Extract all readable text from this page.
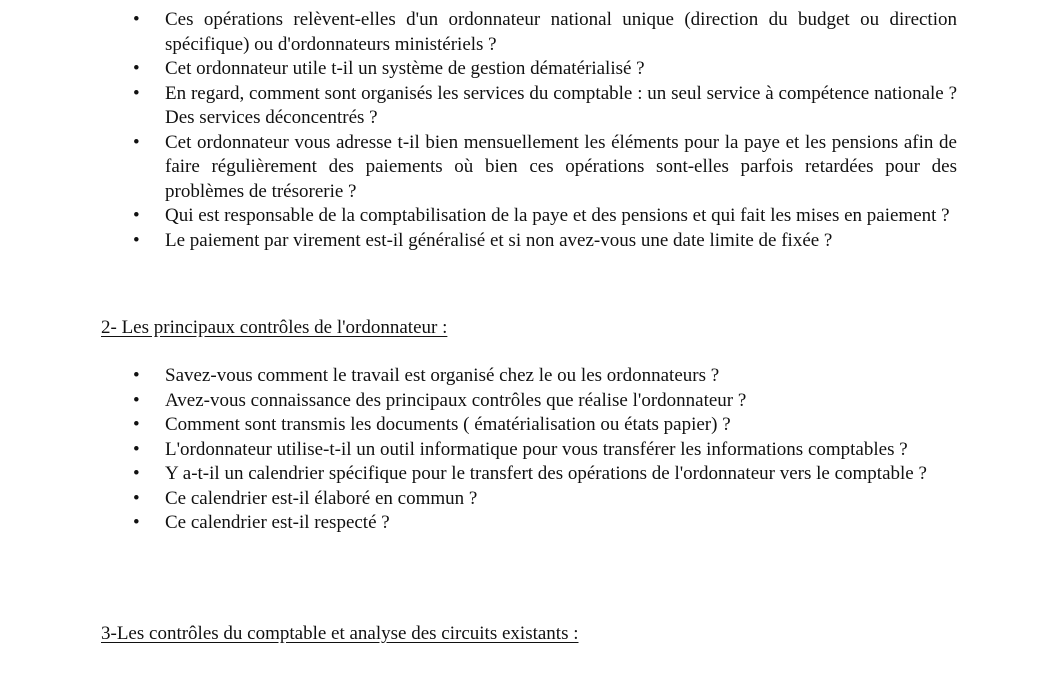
• Ces opérations relèvent-elles d'un ordonnateur national unique (direction du budget ou direction spécifique) ou d'ordonnateurs ministériels ?
• Cet ordonnateur utile t-il un système de gestion dématérialisé ?
• En regard, comment sont organisés les services du comptable : un seul service à compétence nationale ? Des services déconcentrés ?
• Cet ordonnateur vous adresse t-il bien mensuellement les éléments pour la paye et les pensions afin de faire régulièrement des paiements où bien ces opérations sont-elles parfois retardées pour des problèmes de trésorerie ?
• Qui est responsable de la comptabilisation de la paye et des pensions et qui fait les mises en paiement ?
• Le paiement par virement est-il généralisé et si non avez-vous une date limite de fixée ?
2- Les principaux contrôles de l'ordonnateur :
• Savez-vous comment le travail est organisé chez le ou les ordonnateurs ?
• Avez-vous connaissance des principaux contrôles que réalise l'ordonnateur ?
• Comment sont transmis les documents ( ématérialisation ou états papier) ?
• L'ordonnateur utilise-t-il un outil informatique pour vous transférer les informations comptables ?
• Y a-t-il un calendrier spécifique pour le transfert des opérations de l'ordonnateur vers le comptable ?
• Ce calendrier est-il élaboré en commun ?
• Ce calendrier est-il respecté ?
3-Les contrôles du comptable et analyse des circuits existants :
